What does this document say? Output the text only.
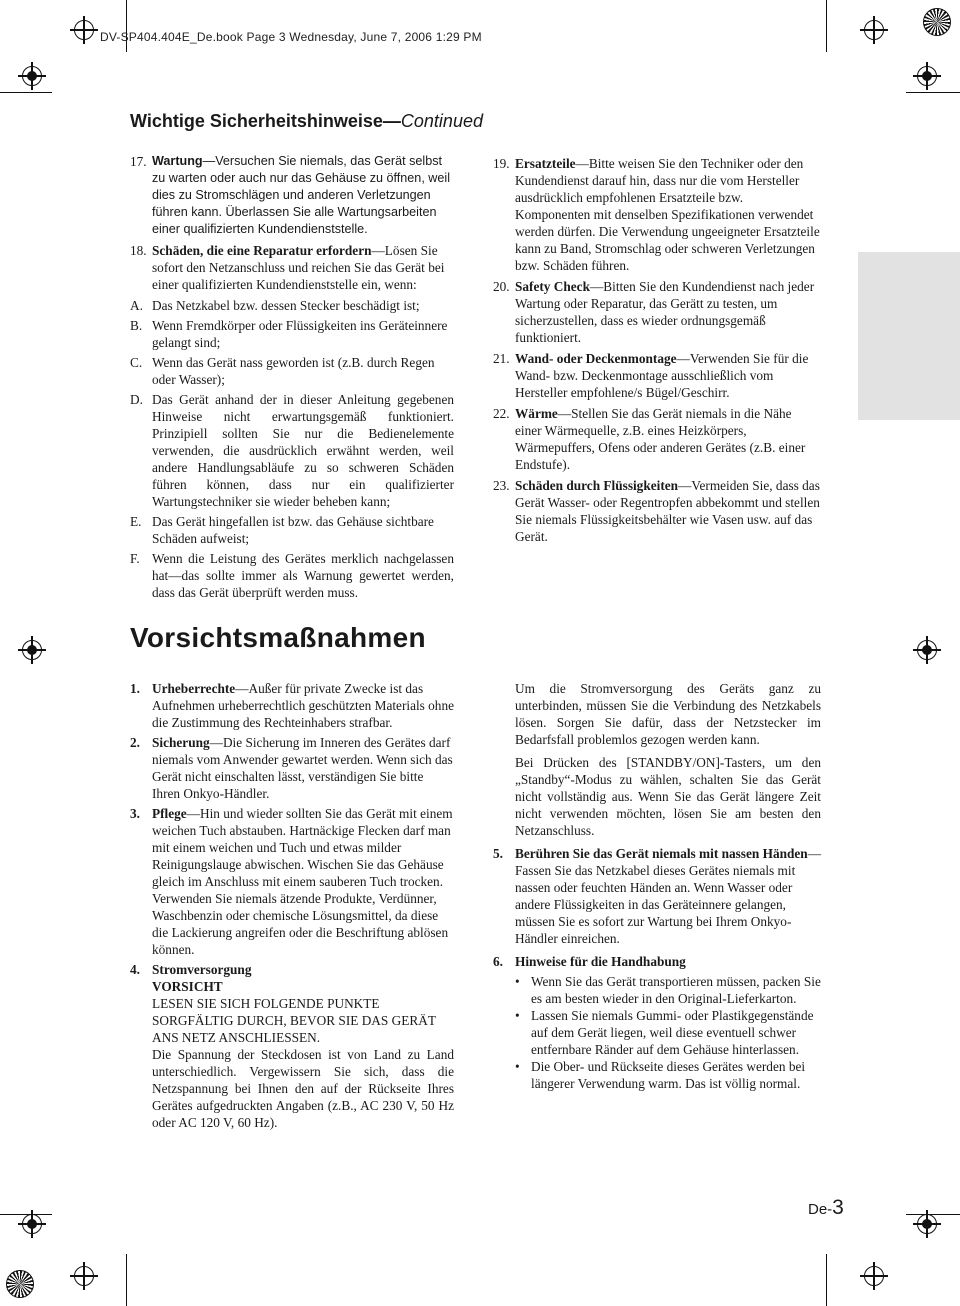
DV-SP404.404E_De.book Page 3 Wednesday, June 7, 2006 1:29 PM
Wichtige Sicherheitshinweise—Continued
17. Wartung—Versuchen Sie niemals, das Gerät selbst zu warten oder auch nur das Gehäuse zu öffnen, weil dies zu Stromschlägen und anderen Verletzungen führen kann. Überlassen Sie alle Wartungsarbeiten einer qualifizierten Kundendienststelle.
18. Schäden, die eine Reparatur erfordern—Lösen Sie sofort den Netzanschluss und reichen Sie das Gerät bei einer qualifizierten Kundendienststelle ein, wenn:
A. Das Netzkabel bzw. dessen Stecker beschädigt ist;
B. Wenn Fremdkörper oder Flüssigkeiten ins Geräteinnere gelangt sind;
C. Wenn das Gerät nass geworden ist (z.B. durch Regen oder Wasser);
D. Das Gerät anhand der in dieser Anleitung gegebenen Hinweise nicht erwartungsgemäß funktioniert. Prinzipiell sollten Sie nur die Bedienelemente verwenden, die ausdrücklich erwähnt werden, weil andere Handlungsabläufe zu so schweren Schäden führen können, dass nur ein qualifizierter Wartungstechniker sie wieder beheben kann;
E. Das Gerät hingefallen ist bzw. das Gehäuse sichtbare Schäden aufweist;
F. Wenn die Leistung des Gerätes merklich nachgelassen hat—das sollte immer als Warnung gewertet werden, dass das Gerät überprüft werden muss.
19. Ersatzteile—Bitte weisen Sie den Techniker oder den Kundendienst darauf hin, dass nur die vom Hersteller ausdrücklich empfohlenen Ersatzteile bzw. Komponenten mit denselben Spezifikationen verwendet werden dürfen. Die Verwendung ungeeigneter Ersatzteile kann zu Band, Stromschlag oder schweren Verletzungen bzw. Schäden führen.
20. Safety Check—Bitten Sie den Kundendienst nach jeder Wartung oder Reparatur, das Gerätt zu testen, um sicherzustellen, dass es wieder ordnungsgemäß funktioniert.
21. Wand- oder Deckenmontage—Verwenden Sie für die Wand- bzw. Deckenmontage ausschließlich vom Hersteller empfohlene/s Bügel/Geschirr.
22. Wärme—Stellen Sie das Gerät niemals in die Nähe einer Wärmequelle, z.B. eines Heizkörpers, Wärmepuffers, Ofens oder anderen Gerätes (z.B. einer Endstufe).
23. Schäden durch Flüssigkeiten—Vermeiden Sie, dass das Gerät Wasser- oder Regentropfen abbekommt und stellen Sie niemals Flüssigkeitsbehälter wie Vasen usw. auf das Gerät.
Vorsichtsmaßnahmen
1. Urheberrechte—Außer für private Zwecke ist das Aufnehmen urheberrechtlich geschützten Materials ohne die Zustimmung des Rechteinhabers strafbar.
2. Sicherung—Die Sicherung im Inneren des Gerätes darf niemals vom Anwender gewartet werden. Wenn sich das Gerät nicht einschalten lässt, verständigen Sie bitte Ihren Onkyo-Händler.
3. Pflege—Hin und wieder sollten Sie das Gerät mit einem weichen Tuch abstauben. Hartnäckige Flecken darf man mit einem weichen und Tuch und etwas milder Reinigungslauge abwischen. Wischen Sie das Gehäuse gleich im Anschluss mit einem sauberen Tuch trocken. Verwenden Sie niemals ätzende Produkte, Verdünner, Waschbenzin oder chemische Lösungsmittel, da diese die Lackierung angreifen oder die Beschriftung ablösen können.
4. Stromversorgung
VORSICHT
LESEN SIE SICH FOLGENDE PUNKTE SORGFÄLTIG DURCH, BEVOR SIE DAS GERÄT ANS NETZ ANSCHLIESSEN.
Die Spannung der Steckdosen ist von Land zu Land unterschiedlich. Vergewissern Sie sich, dass die Netzspannung bei Ihnen den auf der Rückseite Ihres Gerätes aufgedruckten Angaben (z.B., AC 230 V, 50 Hz oder AC 120 V, 60 Hz).

Um die Stromversorgung des Geräts ganz zu unterbinden, müssen Sie die Verbindung des Netzkabels lösen. Sorgen Sie dafür, dass der Netzstecker im Bedarfsfall problemlos gezogen werden kann.

Bei Drücken des [STANDBY/ON]-Tasters, um den „Standby“-Modus zu wählen, schalten Sie das Gerät nicht vollständig aus. Wenn Sie das Gerät längere Zeit nicht verwenden möchten, lösen Sie am besten den Netzanschluss.

5. Berühren Sie das Gerät niemals mit nassen Händen—Fassen Sie das Netzkabel dieses Gerätes niemals mit nassen oder feuchten Händen an. Wenn Wasser oder andere Flüssigkeiten in das Geräteinnere gelangen, müssen Sie es sofort zur Wartung bei Ihrem Onkyo-Händler einreichen.
6. Hinweise für die Handhabung
• Wenn Sie das Gerät transportieren müssen, packen Sie es am besten wieder in den Original-Lieferkarton.
• Lassen Sie niemals Gummi- oder Plastikgegenstände auf dem Gerät liegen, weil diese eventuell schwer entfernbare Ränder auf dem Gehäuse hinterlassen.
• Die Ober- und Rückseite dieses Gerätes werden bei längerer Verwendung warm. Das ist völlig normal.
De-3
